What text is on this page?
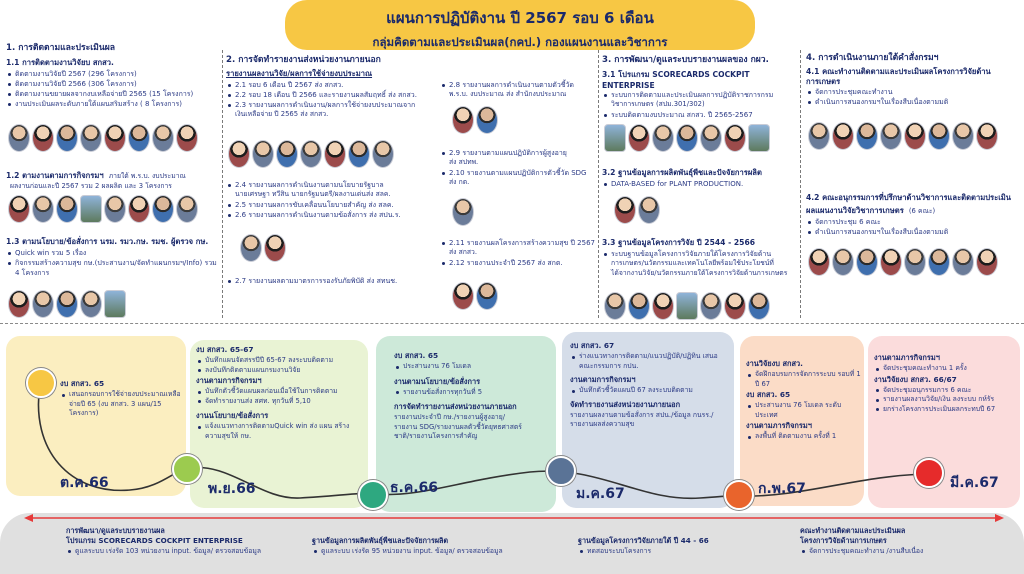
แผนการปฏิบัติงาน ปี 2567 รอบ 6 เดือน
กลุ่มคิดตามและประเมินผล(กคป.) กองแผนงานและวิชาการ
1. การติดตามและประเมินผล
1.1 การติดตามงานวิจัยบ สกสว.
ติดตามงานวิจัยปี 2567 (296 โครงการ)
ติดตามงานวิจัยปี 2566 (306 โครงการ)
ติดตามงานขยายผลจากงบเหลือจ่ายปี 2565 (15 โครงการ)
งานประเมินผลระดับภายใต้แผนสริมสร้าง ( 8 โครงการ)
1.2 ตามงานตามการกิจกรมฯ ภายใต้ พ.ร.บ. งบประมาณ
ผลงานก่อนและปี 2567 รวม 2 ผลผลิต และ 3 โครงการ
1.3 ตามนโยบาย/ข้อสั่งการ นรม. รมว.กษ. รมช. ผู้ตรวจ กษ.
Quick win รวม 5 เรื่อง
กิจกรรมสร้างความสุข กษ.(ประสานงาน/จัดทำแผนกรมฯ/Info) รวม 4 โครงการ
2. การจัดทำรายงานส่งหน่วยงานภายนอก
รายงานผลงานวิจัย/ผลการใช้จ่ายงบประมาณ
2.1 รอบ 6 เดือน ปี 2567 ส่ง สกสว.
2.2 รอบ 18 เดือน ปี 2566 และรายงานผลสัมฤทธิ์ ส่ง สกสว.
2.3 รายงานผลการดำเนินงาน/ผลการใช้จ่ายงบประมาณจาก
เงินเหลือจ่าย ปี 2565 ส่ง สกสว.
2.4 รายงานผลการดำเนินงานตามนโยบายรัฐบาล
นายเศรษฐา ทวีสิน นายกรัฐมนตรี/ผลงานเด่นส่ง สลค.
2.5 รายงานผลการขับเคลื่อนนโยบายสำคัญ ส่ง สลค.
2.6 รายงานผลการดำเนินงานตามข้อสั่งการ ส่ง สปน.ร.
2.7 รายงานผลตามมาตรการรองรับภัยพิบัติ ส่ง สทนช.
2.8 รายงานผลการดำเนินงานตามตัวชี้วัด
พ.ร.บ. งบประมาณ ส่ง สำนักงบประมาณ
2.9 รายงานตามแผนปฏิบัติการผู้สูงอายุ
ส่ง สปทพ.
2.10 รายงานตามแผนปฏิบัติการตัวชี้วัด SDG
ส่ง กต.
2.11 รายงานผลโครงการสร้างความสุข ปี 2567
ส่ง สกสว.
2.12 รายงานประจำปี 2567 ส่ง สกต.
3. การพัฒนา/ดูแลระบบรายงานผลของ กผว.
3.1 โปรแกรม SCORECARDS COCKPIT ENTERPRISE
ระบบการติดตามและประเมินผลการปฏิบัติราชการกรม
วิชาการเกษตร (สปม.301/302)
ระบบติดตามงบประมาณ สกสว. ปี 2565-2567
3.2 ฐานข้อมูลการผลิตพันธุ์พืชและปัจจัยการผลิต
DATA-BASED for PLANT PRODUCTION.
3.3 ฐานข้อมูลโครงการวิจัย ปี 2544 - 2566
ระบบฐานข้อมูลโครงการวิจัยภายใต้โครงการวิจัยด้าน
การเกษตร/นวัตกรรมและเทคโนโลยีพร้อมใช้ประโยชน์ที่
ได้จากงานวิจัย/นวัตกรรมภายใต้โครงการวิจัยด้านการเกษตร
4. การดำเนินงานภายใต้คำสั่งกรมฯ
4.1 คณะทำงานติดตามและประเมินผลโครงการวิจัยด้านการเกษตร
จัดการประชุมคณะทำงาน
ดำเนินการสนองกรมฯในเรื่องสืบเนื่องตามมติ
4.2 คณะอนุกรรมการที่ปรึกษาด้านวิชาการและติดตามประเมินผลแผนงานวิจัยวิชาการเกษตร (6 คณะ)
จัดการประชุม 6 คณะ
ดำเนินการสนองกรมฯในเรื่องสืบเนื่องตามมติ
งบ สกสว. 65
เสนอกรอบการใช้จ่ายงบประมาณเหลือจ่ายปี 65 (งบ สกสว. 3 แผน/15 โครงการ)
งบ สกสว. 65-67
บันทึกแผนจัดสรรปีปี 65-67 ลงระบบติดตาม
ลงบันทึกติดตามแผนกรมงานวิจัย
งานตามการกิจกรมฯ
บันทึกตัวชี้วัดแผนผลก่อนเมื่อใช้ในการติดตาม
จัดทำรายงานส่ง สศท. ทุกวันที่ 5,10
งานนโยบาย/ข้อสั่งการ
แจ้งแนวทางการติดตามQuick win ส่ง แผน สร้างความสุขให้ กษ.
งบ สกสว. 65
ประสานงาน 76 โมเดล
งานตามนโยบาย/ข้อสั่งการ
รายงานข้อสั่งการทุกวันที่ 5
การจัดทำรายงานส่งหน่วยงานภายนอก
รายงานประจำปี กษ./รายงานผู้สูงอายุ/
รายงาน SDG/รายงานผลตัวชี้วัดยุทธศาสตร์
ชาติ/รายงานโครงการสำคัญ
งบ สกสว. 67
ร่างแนวทางการติดตาม/แนวปฏิบัติ/ปฏิทิน เสนอ คณะกรรมการ กปน.
งานตามการกิจกรมฯ
บันทึกตัวชี้วัดแผนปี 67 ลงระบบติดตาม
จัดทำรายงานส่งหน่วยงานภายนอก
รายงานผลงานตามข้อสั่งการ สปน./ข้อมูล กนรร./
รายงานผลส่งความสุข
งานวิจัยงบ สกสว.
จัดฝึกอบรมการจัดการระบบ รอบที่ 1 ปี 67
งบ สกสว. 65
ประสานงาน 76 โมเดล ระดับประเทศ
งานตามภารกิจกรมฯ
ลงพื้นที่ ติดตามงาน ครั้งที่ 1
งานตามภารกิจกรมฯ
จัดประชุมคณะทำงาน 1 ครั้ง
งานวิจัยงบ สกสว. 66/67
จัดประชุมอนุกรรมการ 6 คณะ
รายงานผลงานวิจัย/เงิน ลงระบบ กห์รัร
ยกร่างโครงการประเมินผลกระทบปี 67
ต.ค.66	พ.ย.66	ธ.ค.66	ม.ค.67	ก.พ.67	มี.ค.67
การพัฒนา/ดูแลระบบรายงานผล
โปรแกรม SCORECARDS COCKPIT ENTERPRISE
ดูแลระบบ เร่งรัด 103 หน่วยงาน input. ข้อมูล/ ตรวจสอบข้อมูล
ฐานข้อมูลการผลิตพันธุ์พืชและปัจจัยการผลิต
ดูแลระบบ เร่งรัด 95 หน่วยงาน input. ข้อมูล/ ตรวจสอบข้อมูล
ฐานข้อมูลโครงการวิจัยภายใต้ ปี 44 - 66
ทดสอบระบบโครงการ
คณะทำงานติดตามและประเมินผล
โครงการวิจัยด้านการเกษตร
จัดการประชุมคณะทำงาน /งานสืบเนื่อง
